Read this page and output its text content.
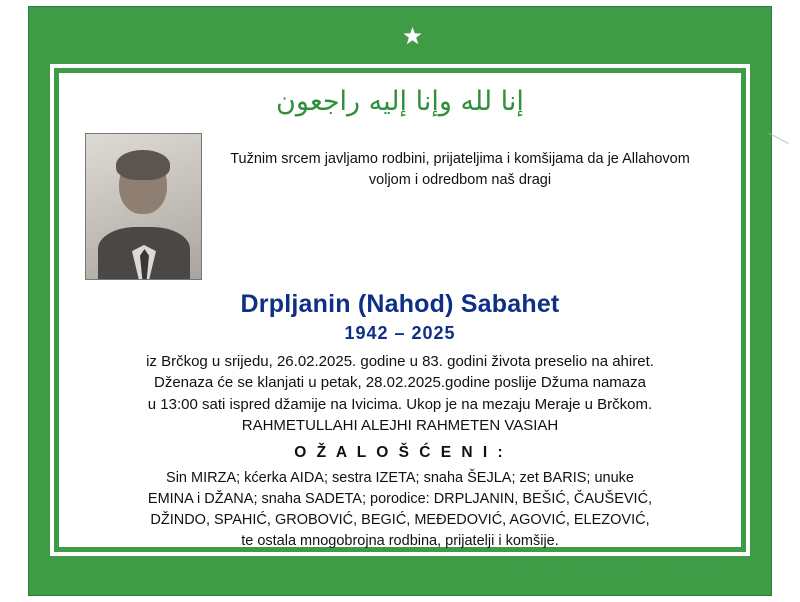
إنا لله وإنا إليه راجعون
Tužnim srcem javljamo rodbini, prijateljima i komšijama da je Allahovom voljom i odredbom naš dragi
Drpljanin (Nahod) Sabahet
1942 – 2025
iz Brčkog u srijedu, 26.02.2025. godine u 83. godini života preselio na ahiret.
Dženaza će se klanjati u petak, 28.02.2025.godine poslije Džuma namaza
u 13:00 sati ispred džamije na Ivicima. Ukop je na mezaju Meraje u Brčkom.
RAHMETULLAHI ALEJHI RAHMETEN VASIAH
O Ž A L O Š Ć E N I :
Sin MIRZA; kćerka AIDA; sestra IZETA; snaha ŠEJLA; zet BARIS; unuke
EMINA i DŽANA; snaha SADETA; porodice: DRPLJANIN, BEŠIĆ, ČAUŠEVIĆ,
DŽINDO, SPAHIĆ, GROBOVIĆ, BEGIĆ, MEĐEDOVIĆ, AGOVIĆ, ELEZOVIĆ,
te ostala mnogobrojna rodbina, prijatelji i komšije.
JKP Komemorativni centar Tuzla
